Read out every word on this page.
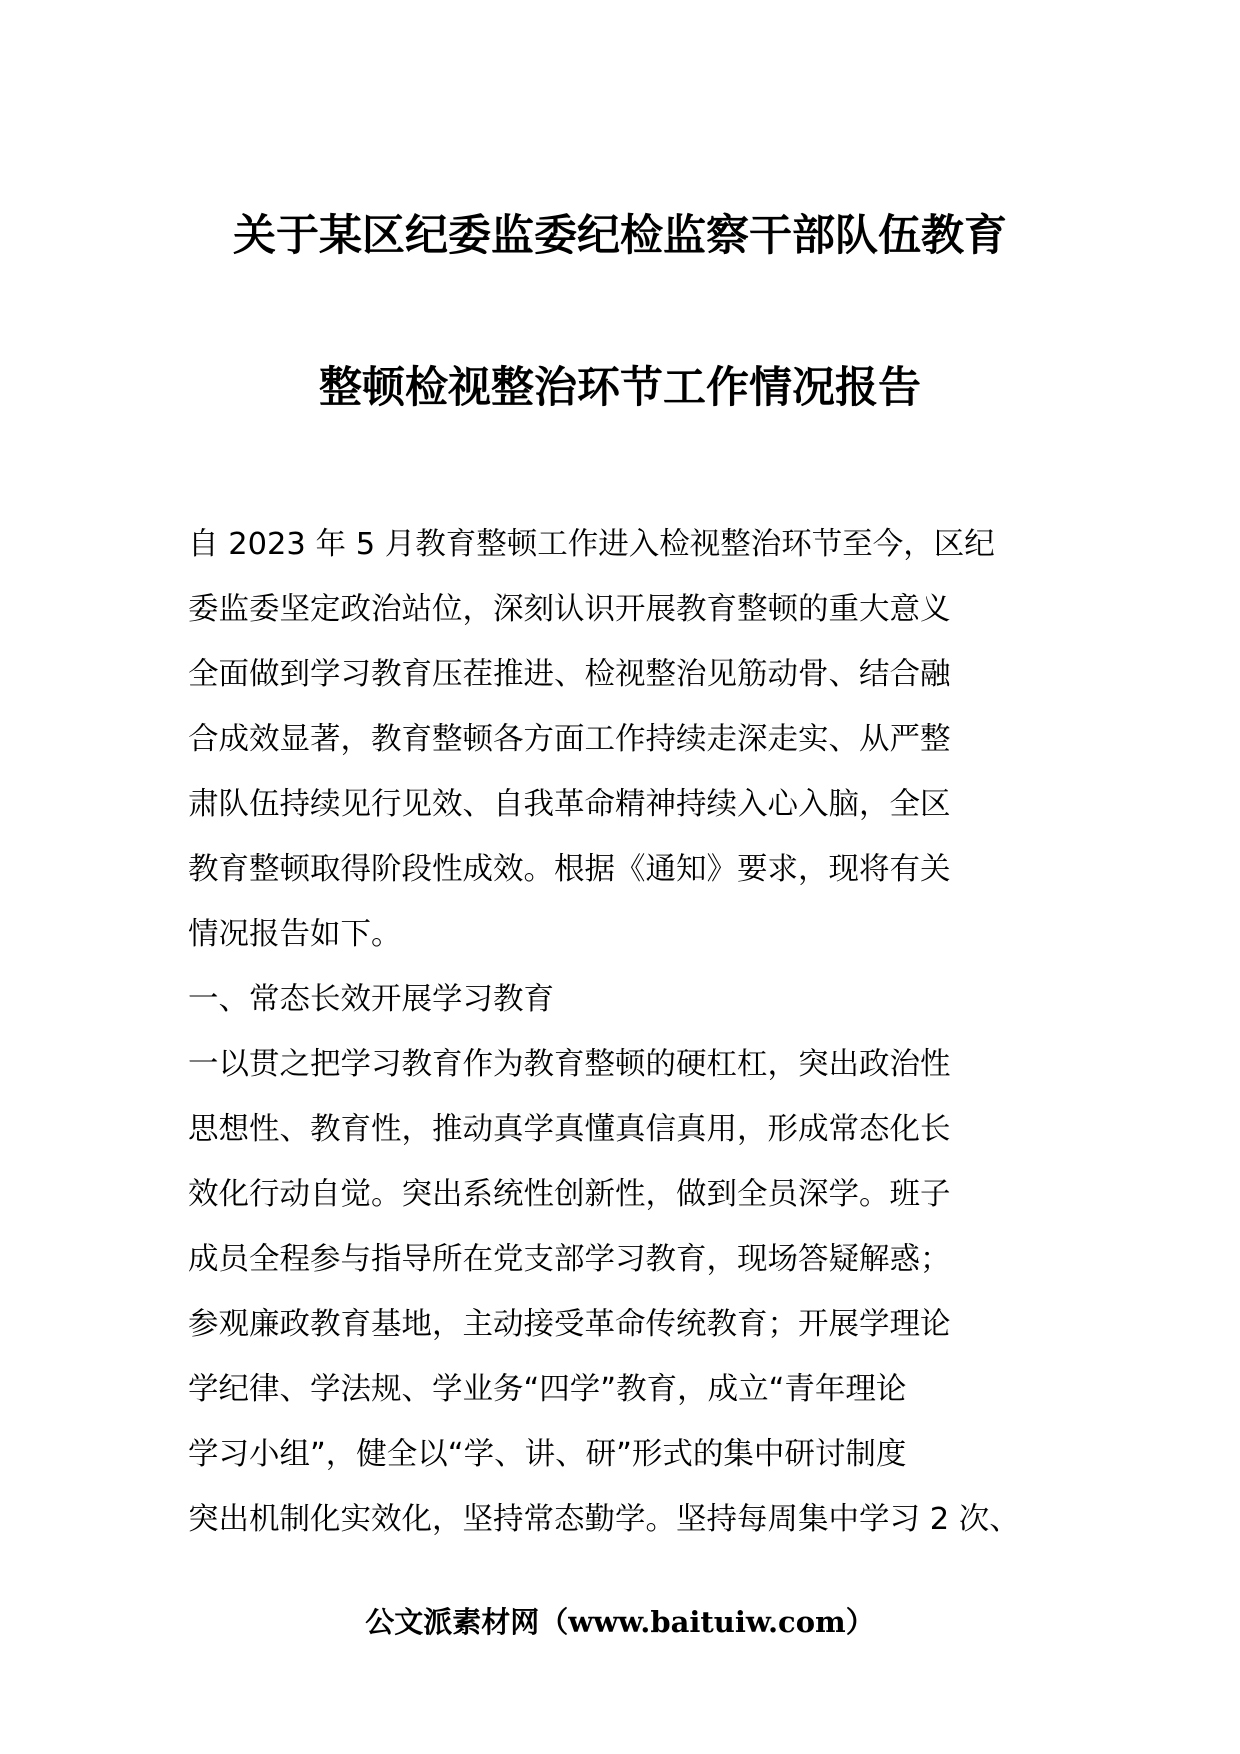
关于某区纪委监委纪检监察干部队伍教育
整顿检视整治环节工作情况报告
自 2023 年 5 月教育整顿工作进入检视整治环节至今，区纪
委监委坚定政治站位，深刻认识开展教育整顿的重大意义
全面做到学习教育压茬推进、检视整治见筋动骨、结合融
合成效显著，教育整顿各方面工作持续走深走实、从严整
肃队伍持续见行见效、自我革命精神持续入心入脑，全区
教育整顿取得阶段性成效。根据《通知》要求，现将有关
情况报告如下。
一、常态长效开展学习教育
一以贯之把学习教育作为教育整顿的硬杠杠，突出政治性
思想性、教育性，推动真学真懂真信真用，形成常态化长
效化行动自觉。突出系统性创新性，做到全员深学。班子
成员全程参与指导所在党支部学习教育，现场答疑解惑；
参观廉政教育基地，主动接受革命传统教育；开展学理论
学纪律、学法规、学业务“四学”教育，成立“青年理论
学习小组”，健全以“学、讲、研”形式的集中研讨制度
突出机制化实效化，坚持常态勤学。坚持每周集中学习 2 次、
公文派素材网（www.baituiw.com）
